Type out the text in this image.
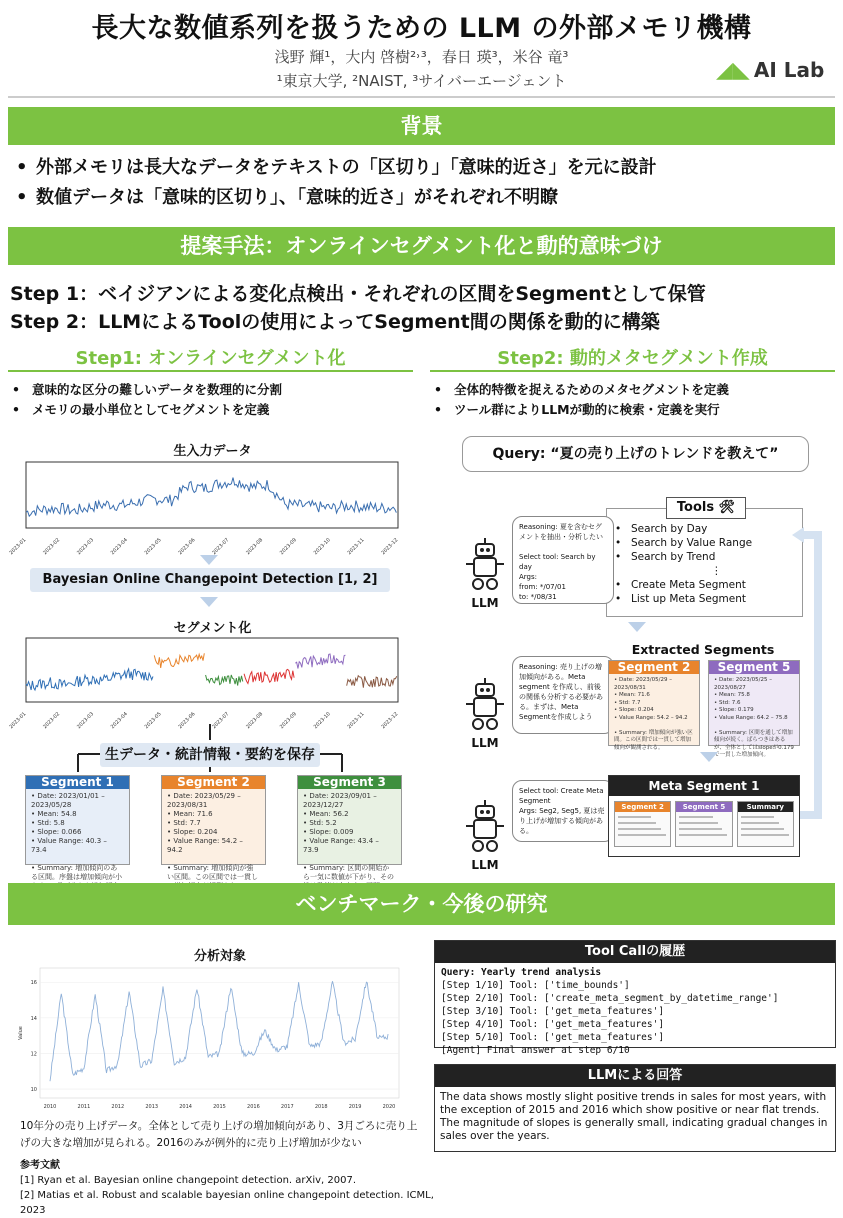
長大な数値系列を扱うための LLM の外部メモリ機構
浅野 輝¹，大内 啓樹²˒³，春日 瑛³，米谷 竜³
¹東京大学, ²NAIST, ³サイバーエージェント	◢◣ AI Lab
背景
• 外部メモリは長大なデータをテキストの「区切り」「意味的近さ」を元に設計
• 数値データは「意味的区切り」、「意味的近さ」がそれぞれ不明瞭
提案手法：オンラインセグメント化と動的意味づけ
Step 1：ベイジアンによる変化点検出・それぞれの区間をSegmentとして保管
Step 2：LLMによるToolの使用によってSegment間の関係を動的に構築
Step1: オンラインセグメント化
• 意味的な区分の難しいデータを数理的に分割
• メモリの最小単位としてセグメントを定義
生入力データ
2023-01	2023-02	2023-03	2023-04	2023-05	2023-06	2023-07	2023-08	2023-09	2023-10	2023-11	2023-12
Bayesian Online Changepoint Detection [1, 2]
セグメント化
2023-01	2023-02	2023-03	2023-04	2023-05	2023-06	2023-07	2023-08	2023-09	2023-10	2023-11	2023-12
生データ・統計情報・要約を保存
Segment 1
• Date: 2023/01/01 – 2023/05/28
• Mean: 54.8
• Std: 5.8
• Slope: 0.066
• Value Range: 40.3 – 73.4

• Summary: 増加傾向のある区間。序盤は増加傾向が小
Segment 2
• Date: 2023/05/29 – 2023/08/31
• Mean: 71.6
• Std: 7.7
• Slope: 0.204
• Value Range: 54.2 – 94.2

• Summary: 増加傾向が強い区間。この区間では一貫し
Segment 3
• Date: 2023/09/01 – 2023/12/27
• Mean: 56.2
• Std: 5.2
• Slope: 0.009
• Value Range: 43.4 – 73.9

• Summary: 区間の開始から一気に数値が下がり、その
Step2: 動的メタセグメント作成
• 全体的特徴を捉えるためのメタセグメントを定義
• ツール群によりLLMが動的に検索・定義を実行
Query: “夏の売り上げのトレンドを教えて”
• Search by Day
• Search by Value Range
• Search by Trend
⋮
• Create Meta Segment
• List up Meta Segment
Tools 🛠
LLM
Reasoning: 夏を含むセグメントを抽出・分析したい

Select tool: Search by day
Args:
from: */07/01
to: */08/31
LLM
Reasoning: 売り上げの増加傾向がある。Meta segment を作成し、前後の関係も分析する必要がある。まずは、Meta Segmentを作成しよう
LLM
Select tool: Create Meta Segment
Args: Seg2, Seg5, 夏は売り上げが増加する傾向がある。
Extracted Segments
Segment 2
• Date: 2023/05/29 – 2023/08/31
• Mean: 71.6
• Std: 7.7
• Slope: 0.204
• Value Range: 54.2 – 94.2

• Summary: 増加傾向が強い区間。この区間では一貫して増加傾向が観測される。
Segment 5
• Date: 2023/05/25 – 2023/08/27
• Mean: 75.8
• Std: 7.6
• Slope: 0.179
• Value Range: 64.2 – 75.8

• Summary: 区間を通して増加傾向が続く。ばらつきはあるが、全体としてはslopeが0.179で一貫した増加傾向。
Meta Segment 1
Segment 2	Segment 5	Summary
ベンチマーク・今後の研究
分析対象
10
12
14
16
Value
2010	2011	2012	2013	2014	2015	2016	2017	2018	2019	2020
10年分の売り上げデータ。全体として売り上げの増加傾向があり、3月ごろに売り上げの大きな増加が見られる。2016のみが例外的に売り上げ増加が少ない
参考文献
[1] Ryan et al. Bayesian online changepoint detection. arXiv, 2007.
[2] Matias et al. Robust and scalable bayesian online changepoint detection. ICML, 2023
Tool Callの履歴
Query: Yearly trend analysis
[Step 1/10] Tool: ['time_bounds']
[Step 2/10] Tool: ['create_meta_segment_by_datetime_range']
[Step 3/10] Tool: ['get_meta_features']
[Step 4/10] Tool: ['get_meta_features']
[Step 5/10] Tool: ['get_meta_features']
[Agent] Final answer at step 6/10
LLMによる回答
The data shows mostly slight positive trends in sales for most years, with the exception of 2015 and 2016 which show positive or near flat trends. The magnitude of slopes is generally small, indicating gradual changes in sales over the years.
